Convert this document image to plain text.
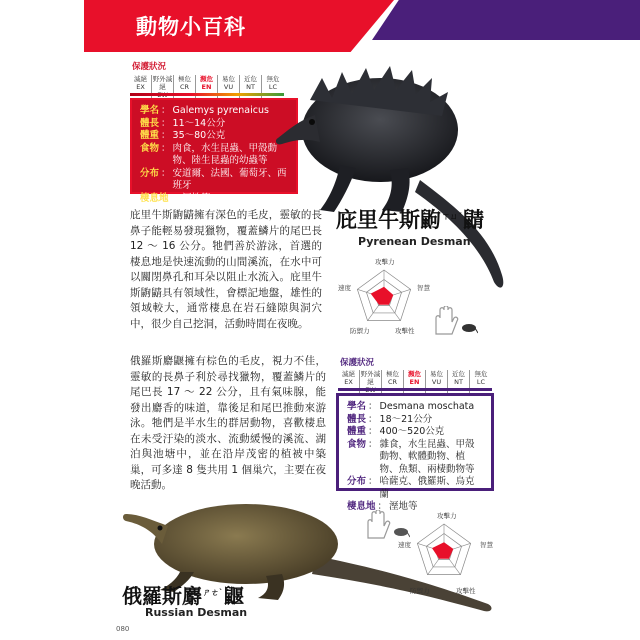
動物小百科
保護狀況
滅絕
EX
野外滅絕
極危
CR
瀕危
EN
易危
VU
近危
NT
無危
LC
學名 ： Galemys pyrenaicus
體長 ： 11～14公分
體重 ： 35～80公克
食物 ： 肉食，水生昆蟲、甲殼動物、陸生昆蟲的幼蟲等
分布 ： 安道爾、法國、葡萄牙、西班牙
棲息地 ： 溼地等
庇里牛斯鼩鼱擁有深色的毛皮，靈敏的長鼻子能輕易發現獵物，覆蓋鱗片的尾巴長 12 ～ 16 公分。牠們善於游泳，首選的棲息地是快速流動的山間溪流，在水中可以關閉鼻孔和耳朵以阻止水流入。庇里牛斯鼩鼱具有領域性，會標記地盤，雄性的領域較大，通常棲息在岩石縫隙與洞穴中，很少自己挖洞，活動時間在夜晚。
庇里牛斯鼩$^{ㄒㄩˊ}$鼱
Pyrenean Desman
攻擊力
智慧
速度
防禦力	攻擊性
俄羅斯麝鼴擁有棕色的毛皮，視力不佳，靈敏的長鼻子利於尋找獵物，覆蓋鱗片的尾巴長 17 ～ 22 公分，且有氣味腺，能發出麝香的味道，靠後足和尾巴推動來游泳。牠們是半水生的群居動物，喜歡棲息在未受汙染的淡水、流動緩慢的溪流、湖泊與池塘中，並在沿岸茂密的植被中築巢，可多達 8 隻共用 1 個巢穴，主要在夜晚活動。
保護狀況
滅絕
EX
野外滅絕
極危
CR
瀕危
EN
易危
VU
近危
NT
無危
LC
學名 ： Desmana moschata
體長 ： 18～21公分
體重 ： 400～520公克
食物 ： 雜食，水生昆蟲、甲殼動物、軟體動物、植物、魚類、兩棲動物等
分布 ： 哈薩克、俄羅斯、烏克蘭
棲息地 ： 溼地等
攻擊力
智慧
速度
防禦力	攻擊性
俄羅斯麝$^{ㄕㄜˋ}$鼴
Russian Desman
080
